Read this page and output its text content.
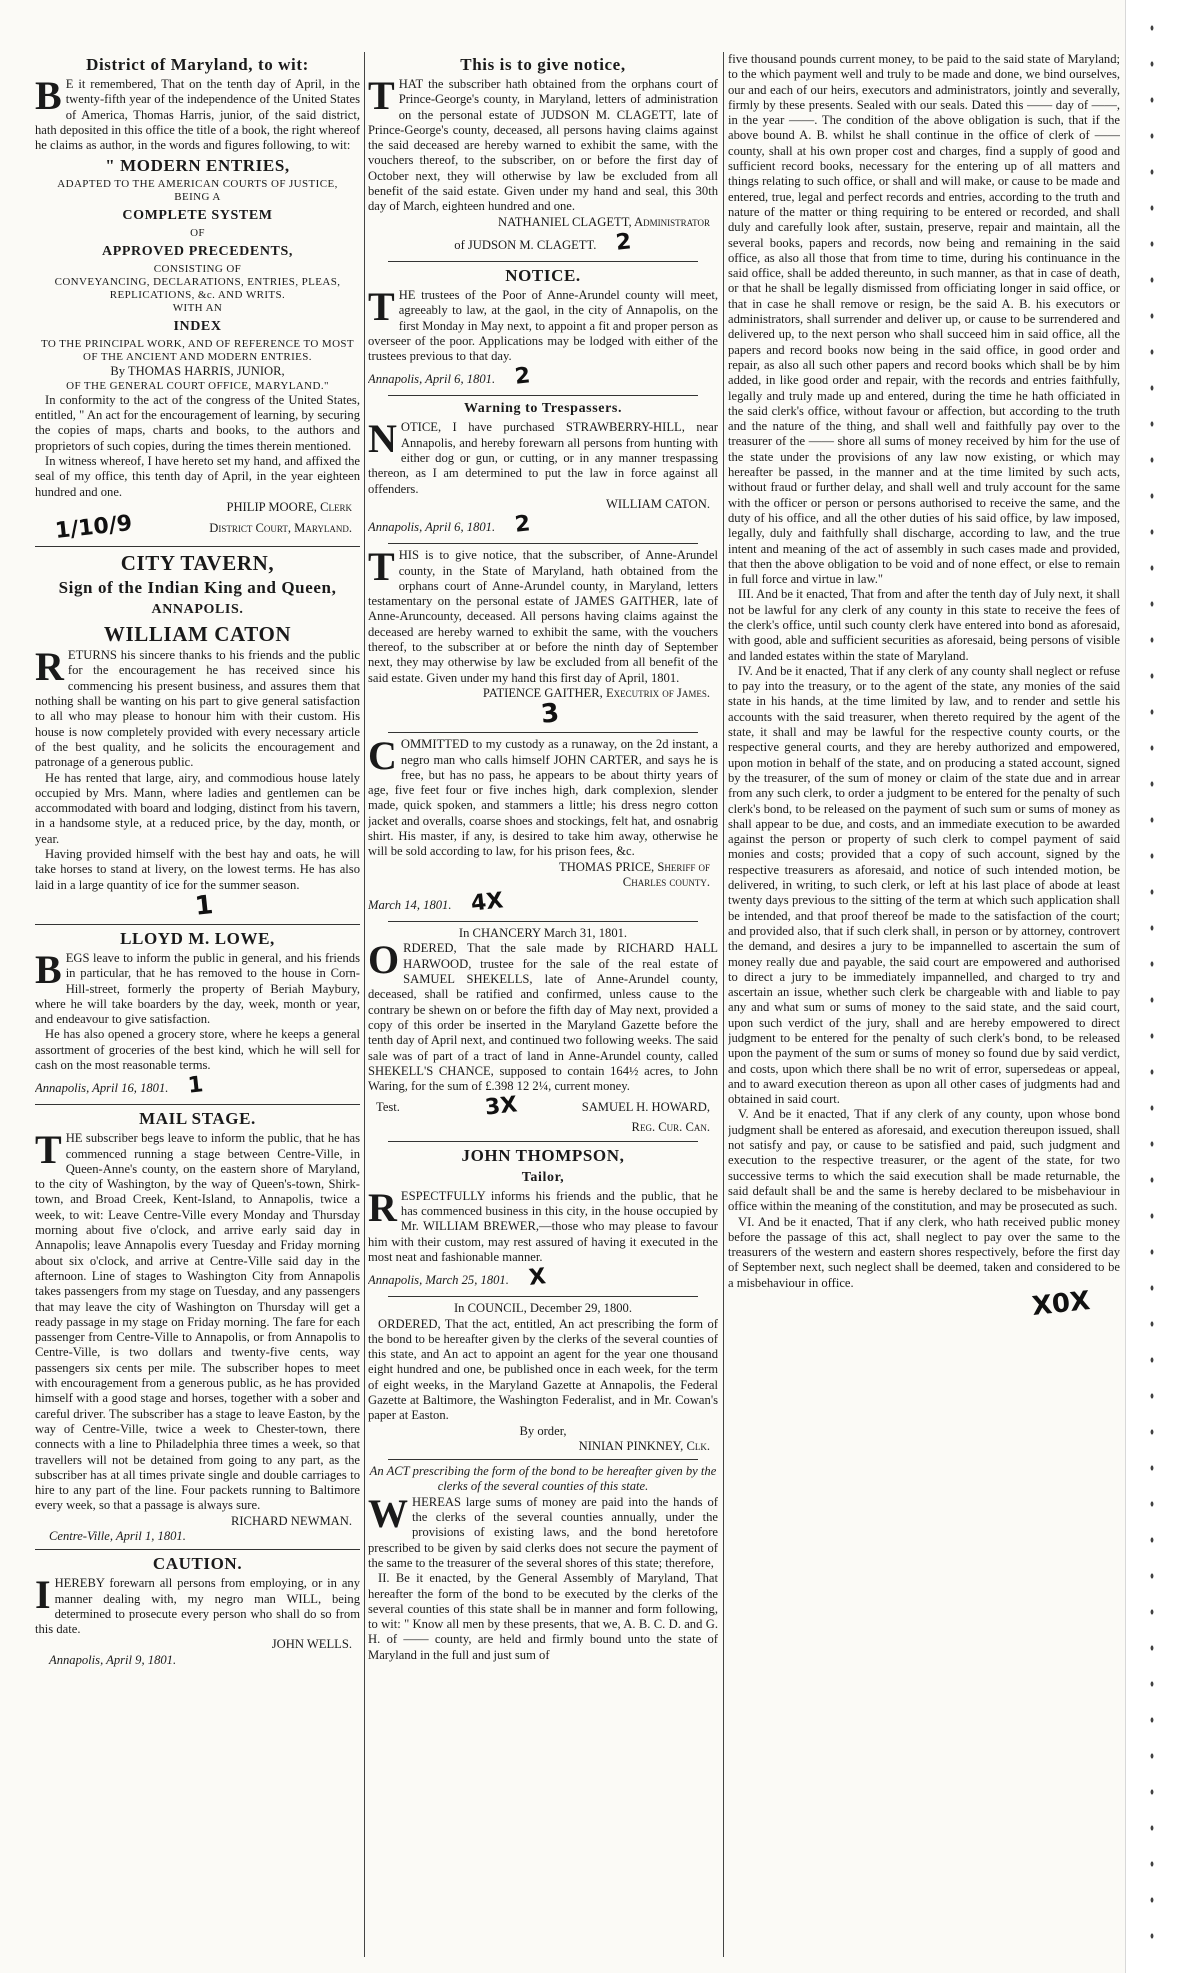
District of Maryland, to wit:

BE it remembered, That on the tenth day of April, in the twenty-fifth year of the independence of the United States of America, Thomas Harris, junior, of the said district, hath deposited in this office the title of a book, the right whereof he claims as author, in the words and figures following, to wit:

" MODERN ENTRIES,
ADAPTED TO THE AMERICAN COURTS OF JUSTICE,
BEING A
COMPLETE SYSTEM
OF
APPROVED PRECEDENTS,
CONSISTING OF
CONVEYANCING, DECLARATIONS, ENTRIES, PLEAS, REPLICATIONS, &c. AND WRITS.
WITH AN
INDEX
TO THE PRINCIPAL WORK, AND OF REFERENCE TO MOST OF THE ANCIENT AND MODERN ENTRIES.
By THOMAS HARRIS, JUNIOR,
OF THE GENERAL COURT OFFICE, MARYLAND."

In conformity to the act of the congress of the United States, entitled, " An act for the encouragement of learning, by securing the copies of maps, charts and books, to the authors and proprietors of such copies, during the times therein mentioned.

In witness whereof, I have hereto set my hand, and affixed the seal of my office, this tenth day of April, in the year eighteen hundred and one.

PHILIP MOORE, Clerk
1/10/9	District Court, Maryland.
CITY TAVERN,
Sign of the Indian King and Queen,
ANNAPOLIS.
WILLIAM CATON

RETURNS his sincere thanks to his friends and the public for the encouragement he has received since his commencing his present business, and assures them that nothing shall be wanting on his part to give general satisfaction to all who may please to honour him with their custom. His house is now completely provided with every necessary article of the best quality, and he solicits the encouragement and patronage of a generous public.

He has rented that large, airy, and commodious house lately occupied by Mrs. Mann, where ladies and gentlemen can be accommodated with board and lodging, distinct from his tavern, in a handsome style, at a reduced price, by the day, month, or year.

Having provided himself with the best hay and oats, he will take horses to stand at livery, on the lowest terms. He has also laid in a large quantity of ice for the summer season.

1
LLOYD M. LOWE,

BEGS leave to inform the public in general, and his friends in particular, that he has removed to the house in Corn-Hill-street, formerly the property of Beriah Maybury, where he will take boarders by the day, week, month or year, and endeavour to give satisfaction.

He has also opened a grocery store, where he keeps a general assortment of groceries of the best kind, which he will sell for cash on the most reasonable terms.

Annapolis, April 16, 1801. 1
MAIL STAGE.

THE subscriber begs leave to inform the public, that he has commenced running a stage between Centre-Ville, in Queen-Anne's county, on the eastern shore of Maryland, to the city of Washington, by the way of Queen's-town, Shirk-town, and Broad Creek, Kent-Island, to Annapolis, twice a week, to wit: Leave Centre-Ville every Monday and Thursday morning about five o'clock, and arrive early said day in Annapolis; leave Annapolis every Tuesday and Friday morning about six o'clock, and arrive at Centre-Ville said day in the afternoon. Line of stages to Washington City from Annapolis takes passengers from my stage on Tuesday, and any passengers that may leave the city of Washington on Thursday will get a ready passage in my stage on Friday morning. The fare for each passenger from Centre-Ville to Annapolis, or from Annapolis to Centre-Ville, is two dollars and twenty-five cents, way passengers six cents per mile. The subscriber hopes to meet with encouragement from a generous public, as he has provided himself with a good stage and horses, together with a sober and careful driver. The subscriber has a stage to leave Easton, by the way of Centre-Ville, twice a week to Chester-town, there connects with a line to Philadelphia three times a week, so that travellers will not be detained from going to any part, as the subscriber has at all times private single and double carriages to hire to any part of the line. Four packets running to Baltimore every week, so that a passage is always sure.

RICHARD NEWMAN.
Centre-Ville, April 1, 1801.
CAUTION.

IHEREBY forewarn all persons from employing, or in any manner dealing with, my negro man WILL, being determined to prosecute every person who shall do so from this date.

JOHN WELLS.
Annapolis, April 9, 1801.
This is to give notice,

THAT the subscriber hath obtained from the orphans court of Prince-George's county, in Maryland, letters of administration on the personal estate of JUDSON M. CLAGETT, late of Prince-George's county, deceased, all persons having claims against the said deceased are hereby warned to exhibit the same, with the vouchers thereof, to the subscriber, on or before the first day of October next, they will otherwise by law be excluded from all benefit of the said estate. Given under my hand and seal, this 30th day of March, eighteen hundred and one.

NATHANIEL CLAGETT, Administrator
of JUDSON M. CLAGETT. 2
NOTICE.

THE trustees of the Poor of Anne-Arundel county will meet, agreeably to law, at the gaol, in the city of Annapolis, on the first Monday in May next, to appoint a fit and proper person as overseer of the poor. Applications may be lodged with either of the trustees previous to that day.

Annapolis, April 6, 1801. 2
Warning to Trespassers.

NOTICE, I have purchased STRAWBERRY-HILL, near Annapolis, and hereby forewarn all persons from hunting with either dog or gun, or cutting, or in any manner trespassing thereon, as I am determined to put the law in force against all offenders.

WILLIAM CATON.
Annapolis, April 6, 1801. 2

THIS is to give notice, that the subscriber, of Anne-Arundel county, in the State of Maryland, hath obtained from the orphans court of Anne-Arundel county, in Maryland, letters testamentary on the personal estate of JAMES GAITHER, late of Anne-Aruncounty, deceased. All persons having claims against the deceased are hereby warned to exhibit the same, with the vouchers thereof, to the subscriber at or before the ninth day of September next, they may otherwise by law be excluded from all benefit of the said estate. Given under my hand this first day of April, 1801.

PATIENCE GAITHER, Executrix of James.
3

COMMITTED to my custody as a runaway, on the 2d instant, a negro man who calls himself JOHN CARTER, and says he is free, but has no pass, he appears to be about thirty years of age, five feet four or five inches high, dark complexion, slender made, quick spoken, and stammers a little; his dress negro cotton jacket and overalls, coarse shoes and stockings, felt hat, and osnabrig shirt. His master, if any, is desired to take him away, otherwise he will be sold according to law, for his prison fees, &c.

THOMAS PRICE, Sheriff of
Charles county.
March 14, 1801. 4X
In CHANCERY March 31, 1801.

ORDERED, That the sale made by RICHARD HALL HARWOOD, trustee for the sale of the real estate of SAMUEL SHEKELLS, late of Anne-Arundel county, deceased, shall be ratified and confirmed, unless cause to the contrary be shewn on or before the fifth day of May next, provided a copy of this order be inserted in the Maryland Gazette before the tenth day of April next, and continued two following weeks. The said sale was of part of a tract of land in Anne-Arundel county, called SHEKELL'S CHANCE, supposed to contain 164½ acres, to John Waring, for the sum of £.398 12 2¼, current money.

Test.	3X	SAMUEL H. HOWARD,
Reg. Cur. Can.
JOHN THOMPSON,
Tailor,

RESPECTFULLY informs his friends and the public, that he has commenced business in this city, in the house occupied by Mr. WILLIAM BREWER,—those who may please to favour him with their custom, may rest assured of having it executed in the most neat and fashionable manner.

Annapolis, March 25, 1801. X
In COUNCIL, December 29, 1800.

ORDERED, That the act, entitled, An act prescribing the form of the bond to be hereafter given by the clerks of the several counties of this state, and An act to appoint an agent for the year one thousand eight hundred and one, be published once in each week, for the term of eight weeks, in the Maryland Gazette at Annapolis, the Federal Gazette at Baltimore, the Washington Federalist, and in Mr. Cowan's paper at Easton.

By order,
NINIAN PINKNEY, Clk.

An ACT prescribing the form of the bond to be hereafter given by the clerks of the several counties of this state.

WHEREAS large sums of money are paid into the hands of the clerks of the several counties annually, under the provisions of existing laws, and the bond heretofore prescribed to be given by said clerks does not secure the payment of the same to the treasurer of the several shores of this state; therefore,

II. Be it enacted, by the General Assembly of Maryland, That hereafter the form of the bond to be executed by the clerks of the several counties of this state shall be in manner and form following, to wit: " Know all men by these presents, that we, A. B. C. D. and G. H. of —— county, are held and firmly bound unto the state of Maryland in the full and just sum of

five thousand pounds current money, to be paid to the said state of Maryland; to the which payment well and truly to be made and done, we bind ourselves, our and each of our heirs, executors and administrators, jointly and severally, firmly by these presents. Sealed with our seals. Dated this —— day of ——, in the year ——. The condition of the above obligation is such, that if the above bound A. B. whilst he shall continue in the office of clerk of —— county, shall at his own proper cost and charges, find a supply of good and sufficient record books, necessary for the entering up of all matters and things relating to such office, or shall and will make, or cause to be made and entered, true, legal and perfect records and entries, according to the truth and nature of the matter or thing requiring to be entered or recorded, and shall duly and carefully look after, sustain, preserve, repair and maintain, all the several books, papers and records, now being and remaining in the said office, as also all those that from time to time, during his continuance in the said office, shall be added thereunto, in such manner, as that in case of death, or that he shall be legally dismissed from officiating longer in said office, or that in case he shall remove or resign, be the said A. B. his executors or administrators, shall surrender and deliver up, or cause to be surrendered and delivered up, to the next person who shall succeed him in said office, all the papers and record books now being in the said office, in good order and repair, as also all such other papers and record books which shall be by him added, in like good order and repair, with the records and entries faithfully, legally and truly made up and entered, during the time he hath officiated in the said clerk's office, without favour or affection, but according to the truth and the nature of the thing, and shall well and faithfully pay over to the treasurer of the —— shore all sums of money received by him for the use of the state under the provisions of any law now existing, or which may hereafter be passed, in the manner and at the time limited by such acts, without fraud or further delay, and shall well and truly account for the same with the officer or person or persons authorised to receive the same, and the duty of his office, and all the other duties of his said office, by law imposed, legally, duly and faithfully shall discharge, according to law, and the true intent and meaning of the act of assembly in such cases made and provided, that then the above obligation to be void and of none effect, or else to remain in full force and virtue in law."

III. And be it enacted, That from and after the tenth day of July next, it shall not be lawful for any clerk of any county in this state to receive the fees of the clerk's office, until such county clerk have entered into bond as aforesaid, with good, able and sufficient securities as aforesaid, being persons of visible and landed estates within the state of Maryland.

IV. And be it enacted, That if any clerk of any county shall neglect or refuse to pay into the treasury, or to the agent of the state, any monies of the said state in his hands, at the time limited by law, and to render and settle his accounts with the said treasurer, when thereto required by the agent of the state, it shall and may be lawful for the respective county courts, or the respective general courts, and they are hereby authorized and empowered, upon motion in behalf of the state, and on producing a stated account, signed by the treasurer, of the sum of money or claim of the state due and in arrear from any such clerk, to order a judgment to be entered for the penalty of such clerk's bond, to be released on the payment of such sum or sums of money as shall appear to be due, and costs, and an immediate execution to be awarded against the person or property of such clerk to compel payment of said monies and costs; provided that a copy of such account, signed by the respective treasurers as aforesaid, and notice of such intended motion, be delivered, in writing, to such clerk, or left at his last place of abode at least twenty days previous to the sitting of the term at which such application shall be intended, and that proof thereof be made to the satisfaction of the court; and provided also, that if such clerk shall, in person or by attorney, controvert the demand, and desires a jury to be impannelled to ascertain the sum of money really due and payable, the said court are empowered and authorised to direct a jury to be immediately impannelled, and charged to try and ascertain an issue, whether such clerk be chargeable with and liable to pay any and what sum or sums of money to the said state, and the said court, upon such verdict of the jury, shall and are hereby empowered to direct judgment to be entered for the penalty of such clerk's bond, to be released upon the payment of the sum or sums of money so found due by said verdict, and costs, upon which there shall be no writ of error, supersedeas or appeal, and to award execution thereon as upon all other cases of judgments had and obtained in said court.

V. And be it enacted, That if any clerk of any county, upon whose bond judgment shall be entered as aforesaid, and execution thereupon issued, shall not satisfy and pay, or cause to be satisfied and paid, such judgment and execution to the respective treasurer, or the agent of the state, for two successive terms to which the said execution shall be made returnable, the said default shall be and the same is hereby declared to be misbehaviour in office within the meaning of the constitution, and may be prosecuted as such.

VI. And be it enacted, That if any clerk, who hath received public money before the passage of this act, shall neglect to pay over the same to the treasurers of the western and eastern shores respectively, before the first day of September next, such neglect shall be deemed, taken and considered to be a misbehaviour in office.

X0X
